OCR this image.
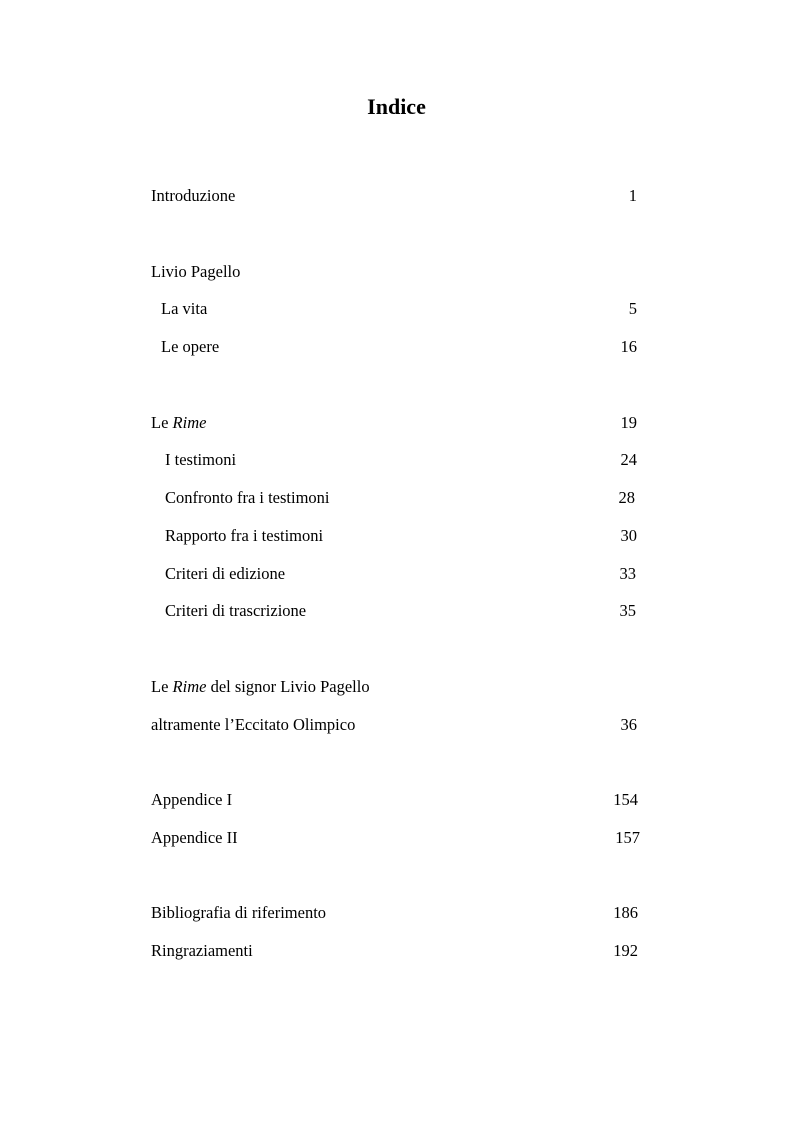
Indice
Introduzione	1
Livio Pagello
La vita	5
Le opere	16
Le Rime	19
I testimoni	24
Confronto fra i testimoni	28
Rapporto fra i testimoni	30
Criteri di edizione	33
Criteri di trascrizione	35
Le Rime del signor Livio Pagello
altramente l’Eccitato Olimpico	36
Appendice I	154
Appendice II	157
Bibliografia di riferimento	186
Ringraziamenti	192
